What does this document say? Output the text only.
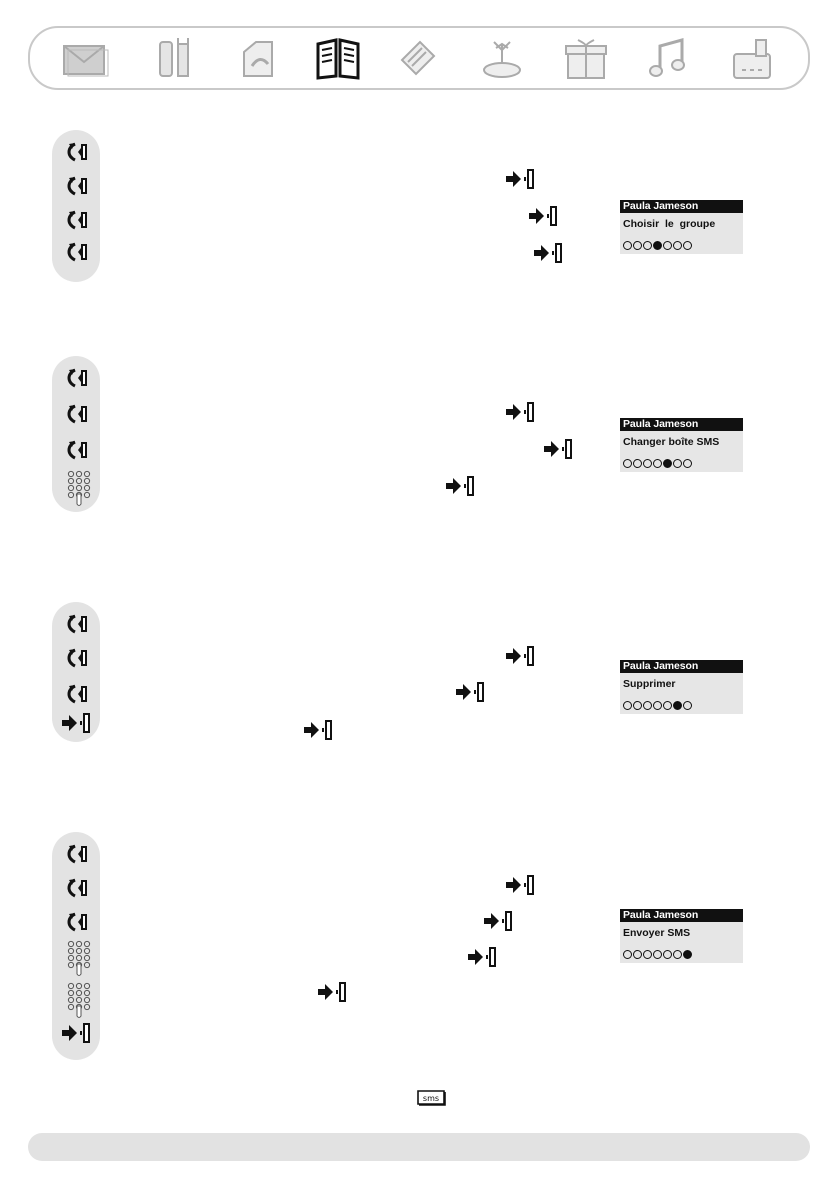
Paula Jameson
Choisir  le  groupe
Paula Jameson
Changer boîte SMS
Paula Jameson
Supprimer
Paula Jameson
Envoyer SMS
sms
